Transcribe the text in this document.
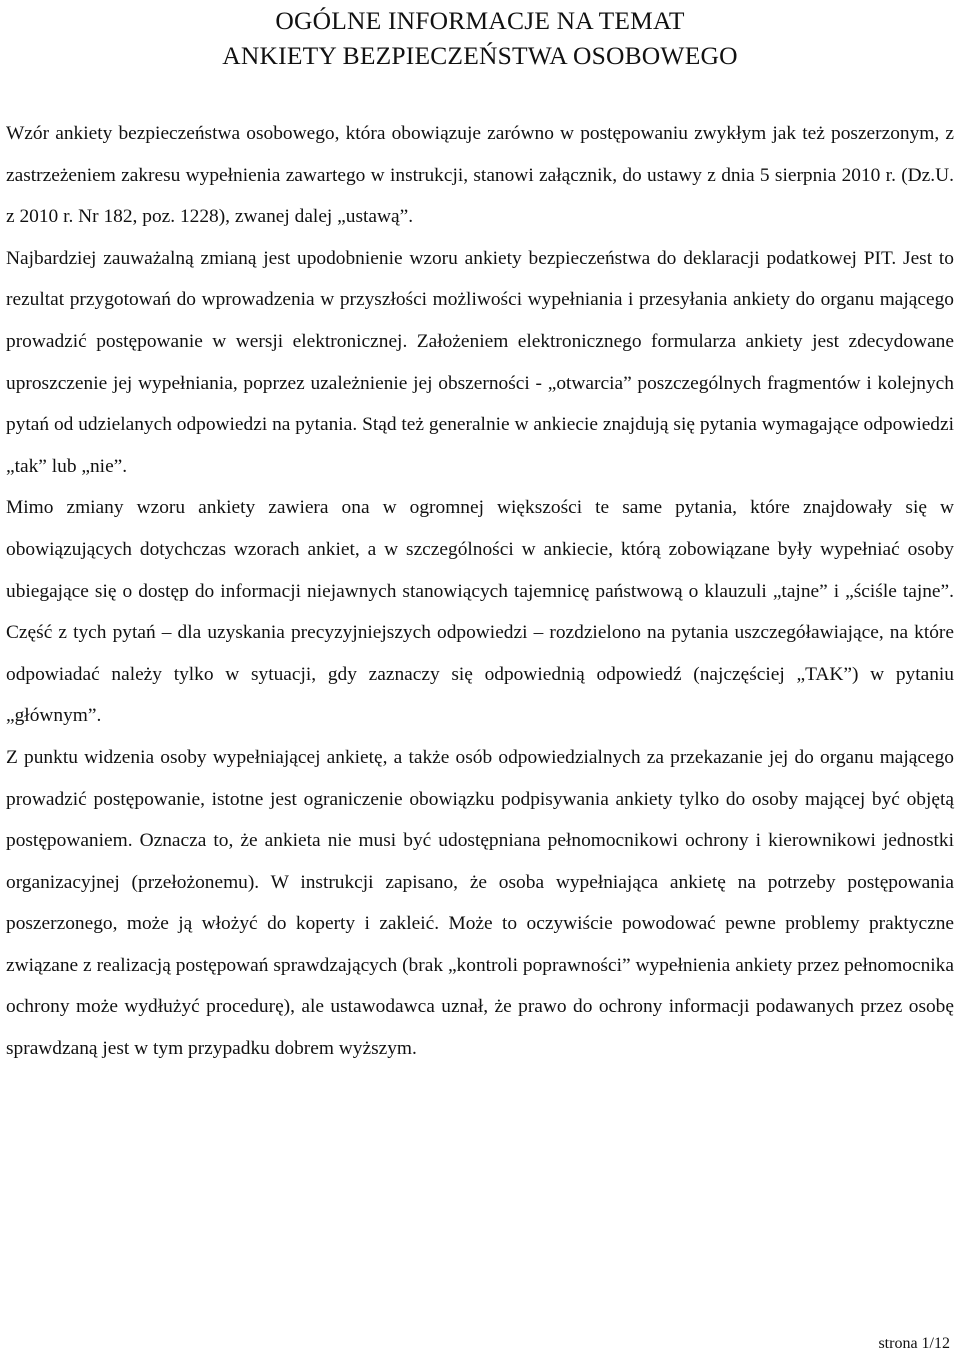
OGÓLNE INFORMACJE NA TEMAT
ANKIETY BEZPIECZEŃSTWA OSOBOWEGO

Wzór ankiety bezpieczeństwa osobowego, która obowiązuje zarówno w postępowaniu zwykłym jak też poszerzonym, z zastrzeżeniem zakresu wypełnienia zawartego w instrukcji, stanowi załącznik, do ustawy z dnia 5 sierpnia 2010 r. (Dz.U. z 2010 r. Nr 182, poz. 1228), zwanej dalej „ustawą”.

Najbardziej zauważalną zmianą jest upodobnienie wzoru ankiety bezpieczeństwa do deklaracji podatkowej PIT. Jest to rezultat przygotowań do wprowadzenia w przyszłości możliwości wypełniania i przesyłania ankiety do organu mającego prowadzić postępowanie w wersji elektronicznej. Założeniem elektronicznego formularza ankiety jest zdecydowane uproszczenie jej wypełniania, poprzez uzależnienie jej obszerności - „otwarcia” poszczególnych fragmentów i kolejnych pytań od udzielanych odpowiedzi na pytania. Stąd też generalnie w ankiecie znajdują się pytania wymagające odpowiedzi „tak” lub „nie”.

Mimo zmiany wzoru ankiety zawiera ona w ogromnej większości te same pytania, które znajdowały się w obowiązujących dotychczas wzorach ankiet, a w szczególności w ankiecie, którą zobowiązane były wypełniać osoby ubiegające się o dostęp do informacji niejawnych stanowiących tajemnicę państwową o klauzuli „tajne” i „ściśle tajne”. Część z tych pytań – dla uzyskania precyzyjniejszych odpowiedzi – rozdzielono na pytania uszczegóławiające, na które odpowiadać należy tylko w sytuacji, gdy zaznaczy się odpowiednią odpowiedź (najczęściej „TAK”) w pytaniu „głównym”.

Z punktu widzenia osoby wypełniającej ankietę, a także osób odpowiedzialnych za przekazanie jej do organu mającego prowadzić postępowanie, istotne jest ograniczenie obowiązku podpisywania ankiety tylko do osoby mającej być objętą postępowaniem. Oznacza to, że ankieta nie musi być udostępniana pełnomocnikowi ochrony i kierownikowi jednostki organizacyjnej (przełożonemu). W instrukcji zapisano, że osoba wypełniająca ankietę na potrzeby postępowania poszerzonego, może ją włożyć do koperty i zakleić. Może to oczywiście powodować pewne problemy praktyczne związane z realizacją postępowań sprawdzających (brak „kontroli poprawności” wypełnienia ankiety przez pełnomocnika ochrony może wydłużyć procedurę), ale ustawodawca uznał, że prawo do ochrony informacji podawanych przez osobę sprawdzaną jest w tym przypadku dobrem wyższym.

strona 1/12
